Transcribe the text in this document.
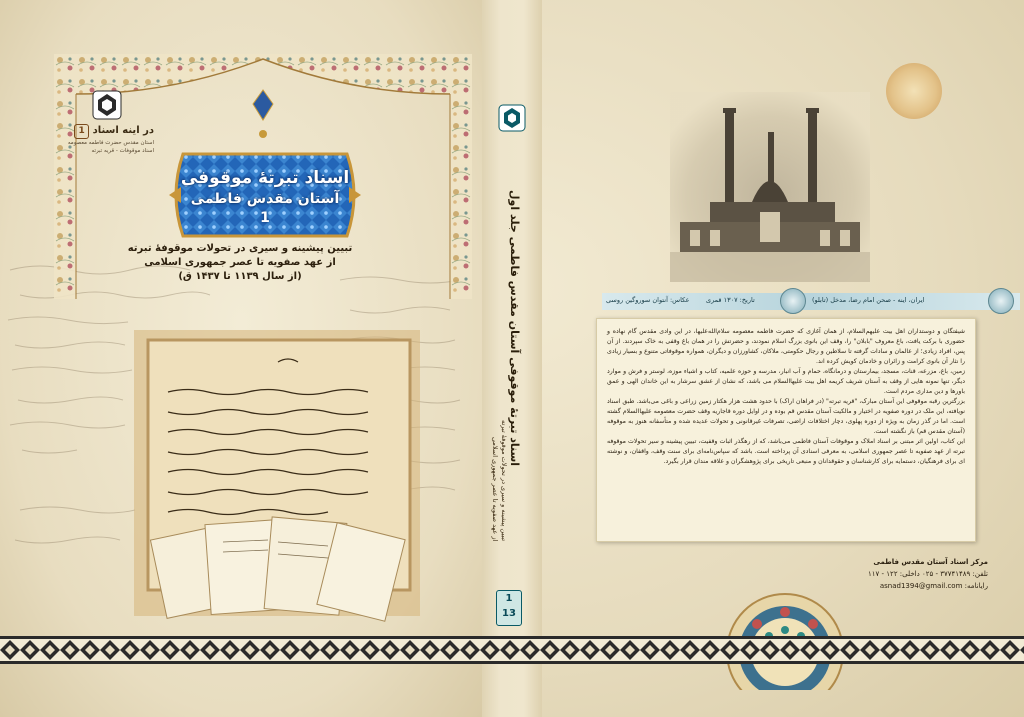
در اینه اسناد 1
استان مقدس حضرت فاطمه معصومه
اسناد موقوفات - قریه تبرته
اسناد تبرتهٔ موقوفی
آستان مقدس فاطمی
1
تبیین پیشینه و سیری در تحولات موقوفهٔ تبرته
از عهد صفویه تا عصر جمهوری اسلامی
(از سال ۱۱۳۹ تا ۱۴۳۷ ق)	اسناد تبرتهٔ موقوفی آستان مقدس فاطمی جلد اول
تبیین پیشینه و سیری در تحولات موقوفهٔ تبرته
از عهد صفویه تا عصر جمهوری اسلامی
1
13
ایران، اینه - صحن امام رضا، مدخل (تابلو)
تاریخ: ۱۳۰۷ قمری
عکاس: آنتوان سوروگین روسی

شیفتگان و دوستداران اهل بیت علیهم‌السلام، از همان آغازی که حضرت فاطمه معصومه سلام‌الله‌علیها، در این وادی مقدس گام نهاده و حضوری با برکت یافت، باغ معروف "بابلان" را، وقف این بانوی بزرگ اسلام نمودند، و حضرتش را در همان باغ وقفی به خاک سپردند. از آن پس، افراد زیادی؛ از عالمان و سادات گرفته تا سلاطین و رجال حکومتی، ملاکان، کشاورزان و دیگران، همواره موقوفاتی متنوع و بسیار زیادی را نثار آن بانوی کرامت و زائران و خادمان کویش کرده اند.

زمین، باغ، مزرعه، قنات، مسجد، بیمارستان و درمانگاه، حمام و آب انبار، مدرسه و حوزه علمیه، کتاب و اشیاء موزه، لوستر و فرش و موارد دیگر، تنها نمونه هایی از وقف به آستان شریف کریمه اهل بیت علیهاالسلام می باشد، که نشان از عشق سرشار به این خاندان الهی و عمق باورها و دین مداری مردم است.

بزرگترین رقبه موقوفی این آستان مبارک، "قریه تبرته" (در فراهان اراک) با حدود هشت هزار هکتار زمین زراعی و باغی می‌باشد. طبق اسناد نویافته، این ملک در دوره صفویه در اختیار و مالکیت آستان مقدس قم بوده و در اوایل دوره قاجاریه وقف حضرت معصومه علیهاالسلام گشته است. اما در گذر زمان به ویژه از دوره پهلوی، دچار اختلافات اراضی، تصرفات غیرقانونی و تحولات عدیده شده و متأسفانه هنوز به موقوفه (آستان مقدس قم) باز نگشته است.

این کتاب، اولین اثر مبتنی بر اسناد املاک و موقوفات آستان فاطمی می‌باشد، که از رهگذر اثبات وقفیت، تبیین پیشینه و سیر تحولات موقوفه تبرته از عهد صفویه تا عصر جمهوری اسلامی، به معرفی اسنادی آن پرداخته است. باشد که سپاس‌نامه‌ای برای سنت وقف، واقفان، و نوشته ای برای فرهنگیان، دستمایه برای کارشناسان و حقوقدانان و منبعی تاریخی برای پژوهشگران و علاقه مندان قرار بگیرد.

مرکز اسناد آستان مقدس فاطمی
تلفن: ۳۷۷۴۱۴۸۹ - ۰۲۵ داخلی: ۱۲۲ - ۱۱۷
رایانامه: asnad1394@gmail.com
